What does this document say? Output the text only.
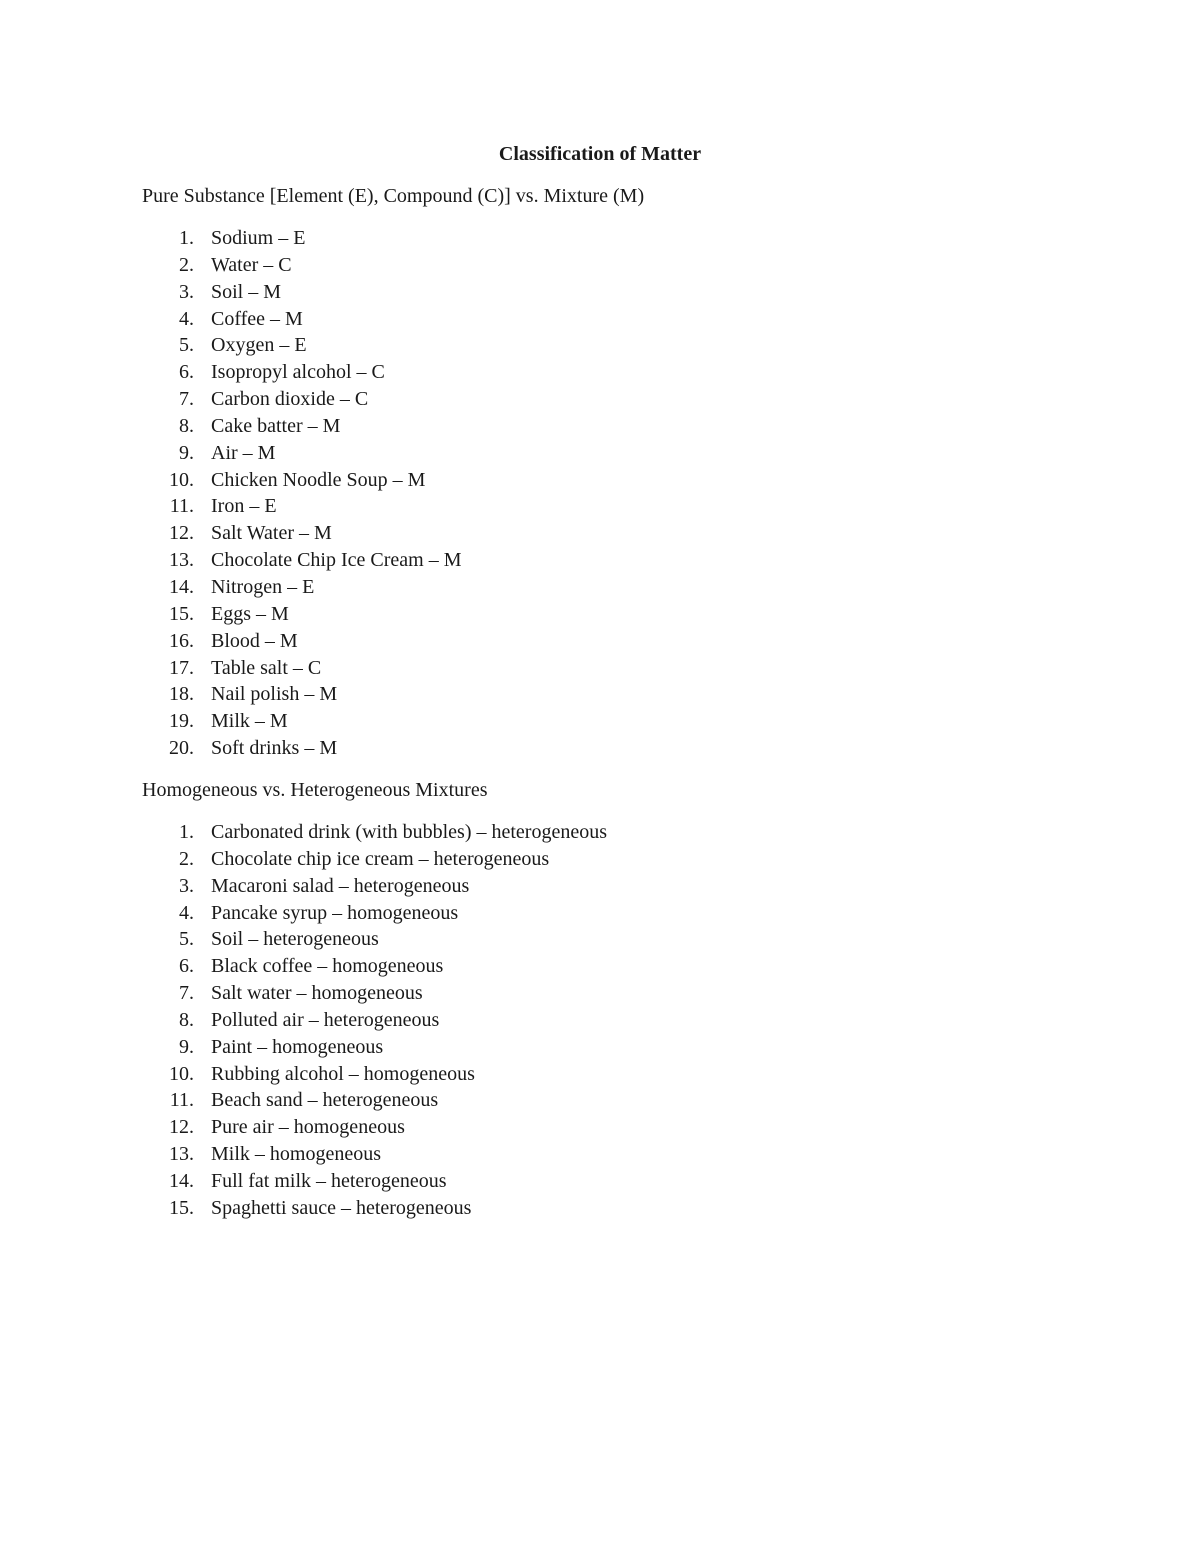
Classification of Matter

Pure Substance [Element (E), Compound (C)] vs. Mixture (M)

1. Sodium – E
2. Water – C
3. Soil – M
4. Coffee – M
5. Oxygen – E
6. Isopropyl alcohol – C
7. Carbon dioxide – C
8. Cake batter – M
9. Air – M
10. Chicken Noodle Soup – M
11. Iron – E
12. Salt Water – M
13. Chocolate Chip Ice Cream – M
14. Nitrogen – E
15. Eggs – M
16. Blood – M
17. Table salt – C
18. Nail polish – M
19. Milk – M
20. Soft drinks – M

Homogeneous vs. Heterogeneous Mixtures

1. Carbonated drink (with bubbles) – heterogeneous
2. Chocolate chip ice cream – heterogeneous
3. Macaroni salad – heterogeneous
4. Pancake syrup – homogeneous
5. Soil – heterogeneous
6. Black coffee – homogeneous
7. Salt water – homogeneous
8. Polluted air – heterogeneous
9. Paint – homogeneous
10. Rubbing alcohol – homogeneous
11. Beach sand – heterogeneous
12. Pure air – homogeneous
13. Milk – homogeneous
14. Full fat milk – heterogeneous
15. Spaghetti sauce – heterogeneous
